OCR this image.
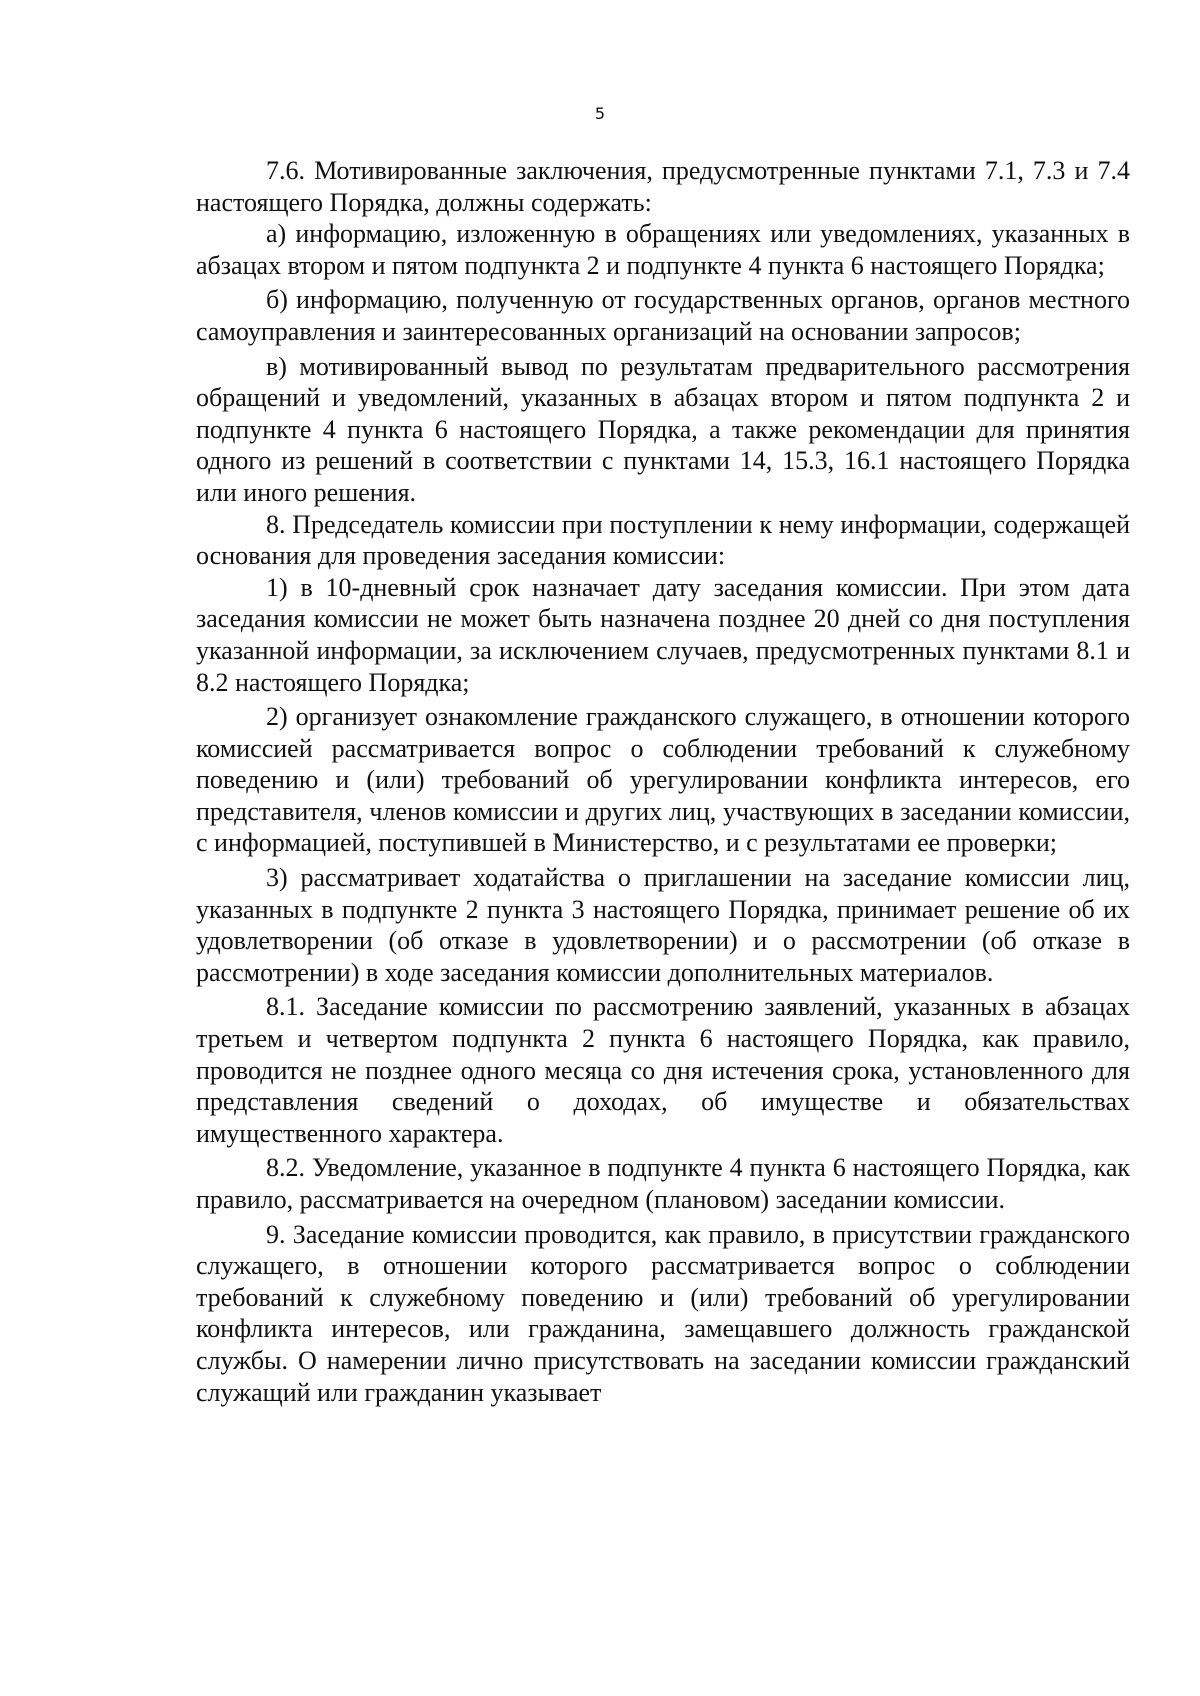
5

7.6. Мотивированные заключения, предусмотренные пунктами 7.1, 7.3 и 7.4 настоящего Порядка, должны содержать:

а) информацию, изложенную в обращениях или уведомлениях, указанных в абзацах втором и пятом подпункта 2 и подпункте 4 пункта 6 настоящего Порядка;

б) информацию, полученную от государственных органов, органов местного самоуправления и заинтересованных организаций на основании запросов;

в) мотивированный вывод по результатам предварительного рассмотрения обращений и уведомлений, указанных в абзацах втором и пятом подпункта 2 и подпункте 4 пункта 6 настоящего Порядка, а также рекомендации для принятия одного из решений в соответствии с пунктами 14, 15.3, 16.1 настоящего Порядка или иного решения.

8. Председатель комиссии при поступлении к нему информации, содержащей основания для проведения заседания комиссии:

1) в 10-дневный срок назначает дату заседания комиссии. При этом дата заседания комиссии не может быть назначена позднее 20 дней со дня поступления указанной информации, за исключением случаев, предусмотренных пунктами 8.1 и 8.2 настоящего Порядка;

2) организует ознакомление гражданского служащего, в отношении которого комиссией рассматривается вопрос о соблюдении требований к служебному поведению и (или) требований об урегулировании конфликта интересов, его представителя, членов комиссии и других лиц, участвующих в заседании комиссии, с информацией, поступившей в Министерство, и с результатами ее проверки;

3) рассматривает ходатайства о приглашении на заседание комиссии лиц, указанных в подпункте 2 пункта 3 настоящего Порядка, принимает решение об их удовлетворении (об отказе в удовлетворении) и о рассмотрении (об отказе в рассмотрении) в ходе заседания комиссии дополнительных материалов.

8.1. Заседание комиссии по рассмотрению заявлений, указанных в абзацах третьем и четвертом подпункта 2 пункта 6 настоящего Порядка, как правило, проводится не позднее одного месяца со дня истечения срока, установленного для представления сведений о доходах, об имуществе и обязательствах имущественного характера.

8.2. Уведомление, указанное в подпункте 4 пункта 6 настоящего Порядка, как правило, рассматривается на очередном (плановом) заседании комиссии.

9. Заседание комиссии проводится, как правило, в присутствии гражданского служащего, в отношении которого рассматривается вопрос о соблюдении требований к служебному поведению и (или) требований об урегулировании конфликта интересов, или гражданина, замещавшего должность гражданской службы. О намерении лично присутствовать на заседании комиссии гражданский служащий или гражданин указывает
